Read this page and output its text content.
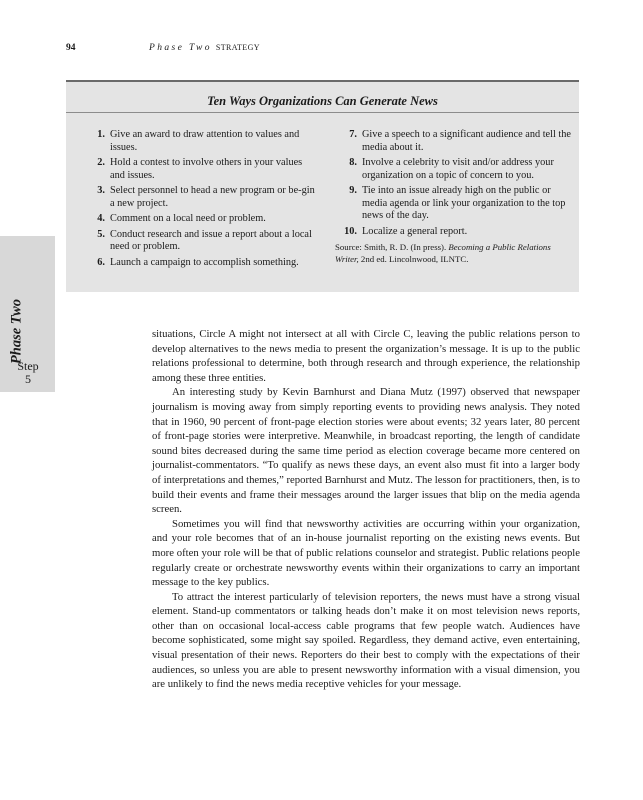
94	Phase Two STRATEGY
Ten Ways Organizations Can Generate News
1. Give an award to draw attention to values and issues.
2. Hold a contest to involve others in your values and issues.
3. Select personnel to head a new program or be-gin a new project.
4. Comment on a local need or problem.
5. Conduct research and issue a report about a local need or problem.
6. Launch a campaign to accomplish something.
7. Give a speech to a significant audience and tell the media about it.
8. Involve a celebrity to visit and/or address your organization on a topic of concern to you.
9. Tie into an issue already high on the public or media agenda or link your organization to the top news of the day.
10. Localize a general report.
Source: Smith, R. D. (In press). Becoming a Public Relations Writer, 2nd ed. Lincolnwood, ILNTC.
Phase Two
Step
5

situations, Circle A might not intersect at all with Circle C, leaving the public relations person to develop alternatives to the news media to present the organization’s message. It is up to the public relations professional to determine, both through research and through experience, the relationship among these three entities.

An interesting study by Kevin Barnhurst and Diana Mutz (1997) observed that newspaper journalism is moving away from simply reporting events to providing news analysis. They noted that in 1960, 90 percent of front-page election stories were about events; 32 years later, 80 percent of front-page stories were interpretive. Meanwhile, in broadcast reporting, the length of candidate sound bites decreased during the same time period as election coverage became more centered on journalist-commentators. “To qualify as news these days, an event also must fit into a larger body of interpretations and themes,” reported Barnhurst and Mutz. The lesson for practitioners, then, is to build their events and frame their messages around the larger issues that blip on the media agenda screen.

Sometimes you will find that newsworthy activities are occurring within your organization, and your role becomes that of an in-house journalist reporting on the existing news events. But more often your role will be that of public relations counselor and strategist. Public relations people regularly create or orchestrate newsworthy events within their organizations to carry an important message to the key publics.

To attract the interest particularly of television reporters, the news must have a strong visual element. Stand-up commentators or talking heads don’t make it on most television news reports, other than on occasional local-access cable programs that few people watch. Audiences have become sophisticated, some might say spoiled. Regardless, they demand active, even entertaining, visual presentation of their news. Reporters do their best to comply with the expectations of their audiences, so unless you are able to present newsworthy information with a visual dimension, you are unlikely to find the news media receptive vehicles for your message.
